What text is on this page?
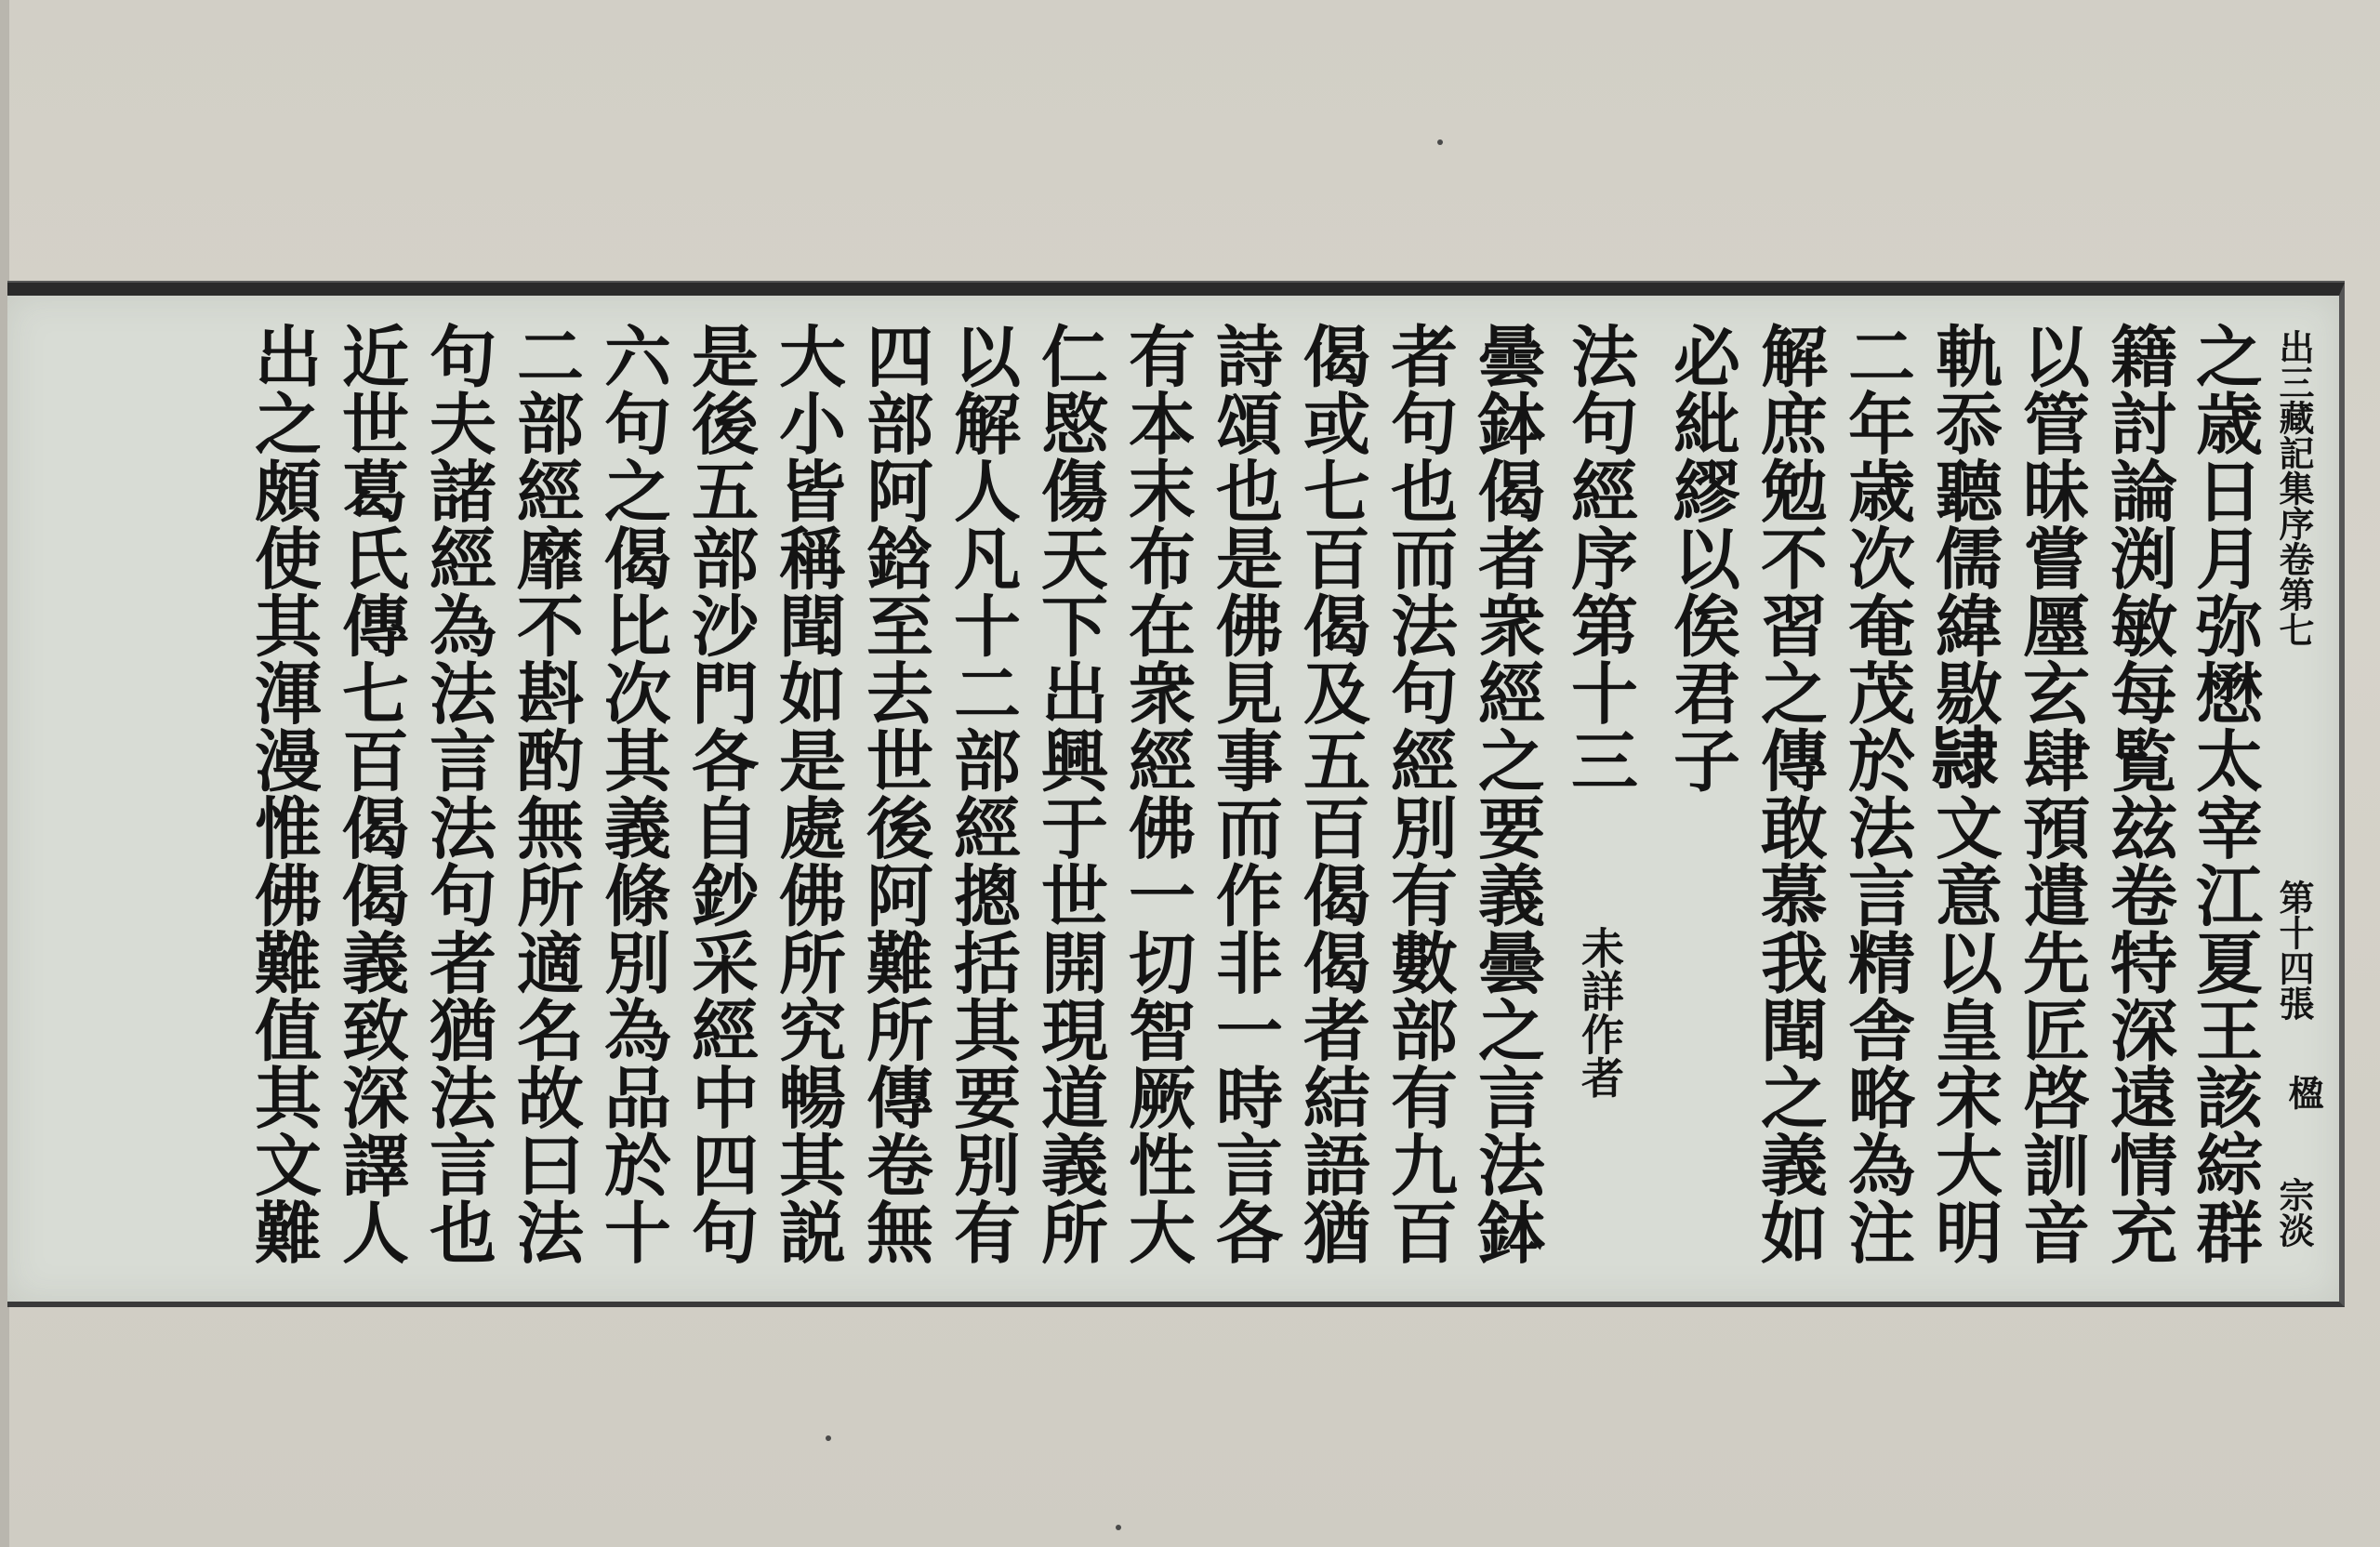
出三藏記集序卷第七
第十四張
楹
宗淡
之歳日月弥懋太宰江夏王該綜群
籍討論渕敏每覧玆卷特深遠情充
以管昧嘗㕓玄肆預遣先匠啓訓音
軌忝聽儒緯敭𨽻文意以皇宋大明
二年歳次奄茂於法言精舎略為注
解庶勉不習之傳敢慕我聞之義如
必紕繆以俟君子
法句經序第十三
未詳作者
曇鉢偈者衆經之要義曇之言法鉢
者句也而法句經別有數部有九百
偈或七百偈及五百偈偈者結語猶
詩頌也是佛見事而作非一時言各
有本末布在衆經佛一切智厥性大
仁愍傷天下出興于世開現道義所
以解人凡十二部經摠括其要別有
四部阿鋡至去世後阿難所傳卷無
大小皆稱聞如是處佛所究暢其説
是後五部沙門各自鈔采經中四句
六句之偈比次其義條別為品於十
二部經靡不斟酌無所適名故曰法
句夫諸經為法言法句者猶法言也
近世葛氏傳七百偈偈義致深譯人
出之頗使其渾漫惟佛難值其文難
